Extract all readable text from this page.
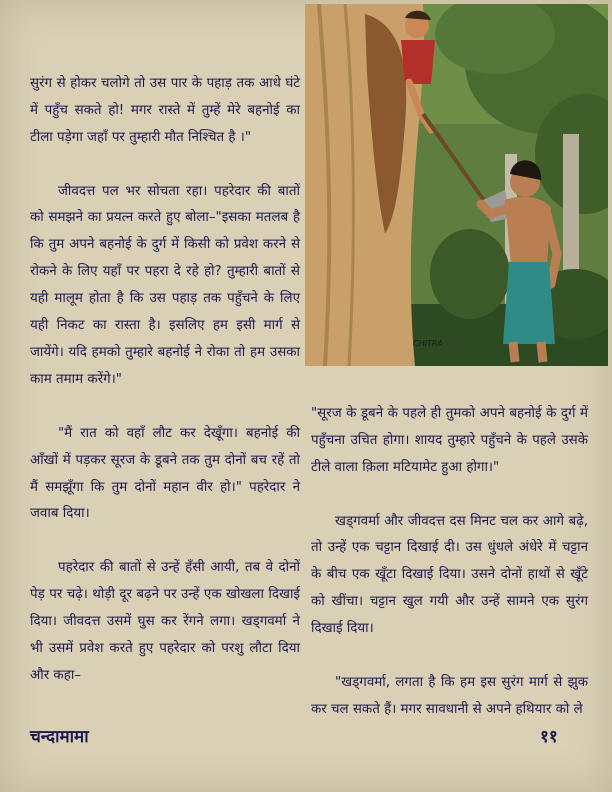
सुरंग से होकर चलोगे तो उस पार के पहाड़ तक आधे घंटे में पहुँच सकते हो! मगर रास्ते में तुम्हें मेरे बहनोई का टीला पड़ेगा जहाँ पर तुम्हारी मौत निश्चित है ।"

जीवदत्त पल भर सोचता रहा। पहरेदार की बातों को समझने का प्रयत्न करते हुए बोला–"इसका मतलब है कि तुम अपने बहनोई के दुर्ग में किसी को प्रवेश करने से रोकने के लिए यहाँ पर पहरा दे रहे हो? तुम्हारी बातों से यही मालूम होता है कि उस पहाड़ तक पहुँचने के लिए यही निकट का रास्ता है। इसलिए हम इसी मार्ग से जायेंगे। यदि हमको तुम्हारे बहनोई ने रोका तो हम उसका काम तमाम करेंगे।"

"मैं रात को वहाँ लौट कर देखूँगा। बहनोई की आँखों में पड़कर सूरज के डूबने तक तुम दोनों बच रहें तो मैं समझूँगा कि तुम दोनों महान वीर हो।" पहरेदार ने जवाब दिया।

पहरेदार की बातों से उन्हें हँसी आयी, तब वे दोनों पेड़ पर चढ़े। थोड़ी दूर बढ़ने पर उन्हें एक खोखला दिखाई दिया। जीवदत्त उसमें घुस कर रेंगने लगा। खड्गवर्मा ने भी उसमें प्रवेश करते हुए पहरेदार को परशु लौटा दिया और कहा–

CHITRA

"सूरज के डूबने के पहले ही तुमको अपने बहनोई के दुर्ग में पहुँचना उचित होगा। शायद तुम्हारे पहुँचने के पहले उसके टीले वाला क़िला मटियामेट हुआ होगा।"

खड्गवर्मा और जीवदत्त दस मिनट चल कर आगे बढ़े, तो उन्हें एक चट्टान दिखाई दी। उस धुंधले अंधेरे में चट्टान के बीच एक खूँटा दिखाई दिया। उसने दोनों हाथों से खूँटे को खींचा। चट्टान खुल गयी और उन्हें सामने एक सुरंग दिखाई दिया।

"खड्गवर्मा, लगता है कि हम इस सुरंग मार्ग से झुक कर चल सकते हैं। मगर सावधानी से अपने हथियार को ले

चन्दामामा	११
